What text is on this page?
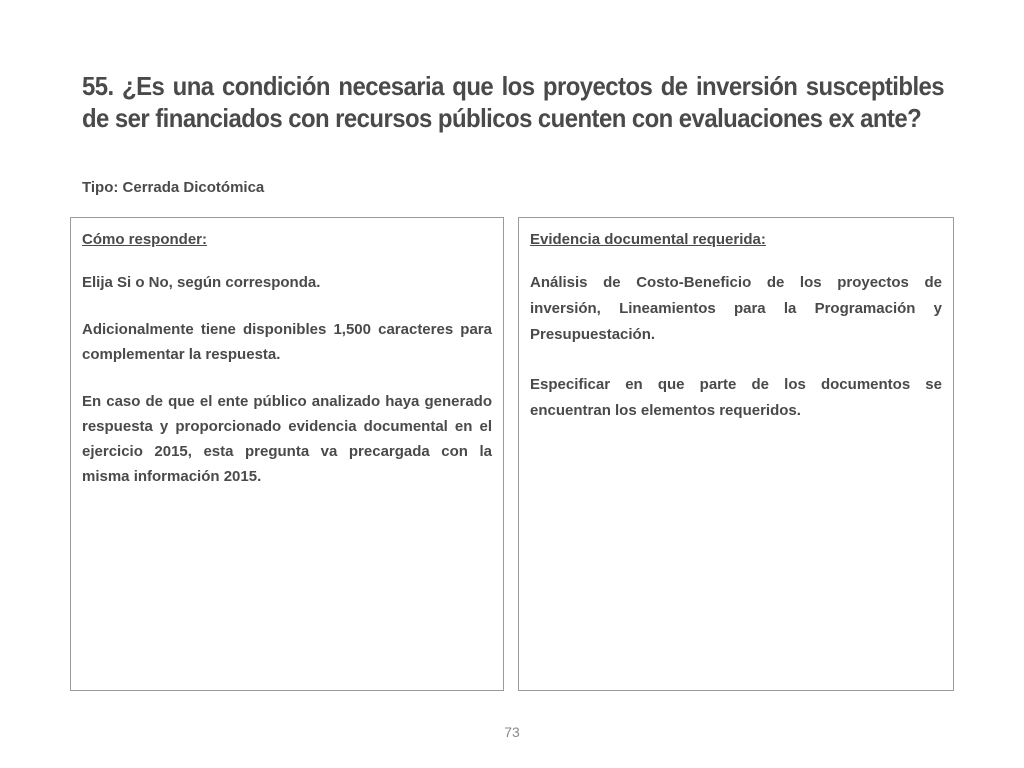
55. ¿Es una condición necesaria que los proyectos de inversión susceptibles de ser financiados con recursos públicos cuenten con evaluaciones ex ante?
Tipo: Cerrada Dicotómica
Cómo responder:

Elija Si o No, según corresponda.

Adicionalmente tiene disponibles 1,500 caracteres para complementar la respuesta.

En caso de que el ente público analizado haya generado respuesta y proporcionado evidencia documental en el ejercicio 2015, esta pregunta va precargada con la misma información 2015.

Evidencia documental requerida:

Análisis de Costo-Beneficio de los proyectos de inversión, Lineamientos para la Programación y Presupuestación.

Especificar en que parte de los documentos se encuentran los elementos requeridos.

73
